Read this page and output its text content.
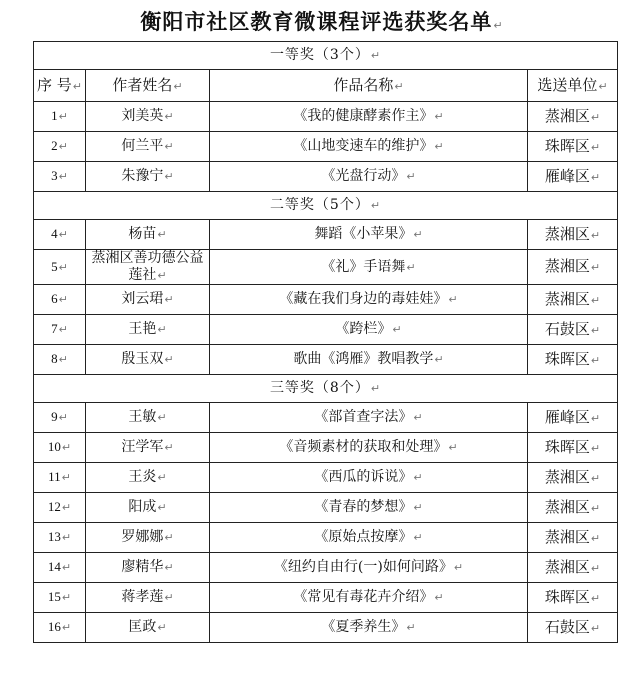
衡阳市社区教育微课程评选获奖名单↵
一等奖（3个）↵			
序 号↵	作者姓名↵	作品名称↵	选送单位↵
1↵	刘美英↵	《我的健康酵素作主》↵	蒸湘区↵
2↵	何兰平↵	《山地变速车的维护》↵	珠晖区↵
3↵	朱豫宁↵	《光盘行动》↵	雁峰区↵
二等奖（5个）↵			
4↵	杨苗↵	舞蹈《小苹果》↵	蒸湘区↵
5↵	蒸湘区善功德公益莲社↵	《礼》手语舞↵	蒸湘区↵
6↵	刘云珺↵	《藏在我们身边的毒娃娃》↵	蒸湘区↵
7↵	王艳↵	《跨栏》↵	石鼓区↵
8↵	殷玉双↵	歌曲《鸿雁》教唱教学↵	珠晖区↵
三等奖（8个）↵			
9↵	王敏↵	《部首查字法》↵	雁峰区↵
10↵	汪学军↵	《音频素材的获取和处理》↵	珠晖区↵
11↵	王炎↵	《西瓜的诉说》↵	蒸湘区↵
12↵	阳成↵	《青春的梦想》↵	蒸湘区↵
13↵	罗娜娜↵	《原始点按摩》↵	蒸湘区↵
14↵	廖精华↵	《纽约自由行(一)如何问路》↵	蒸湘区↵
15↵	蒋孝莲↵	《常见有毒花卉介绍》↵	珠晖区↵
16↵	匡政↵	《夏季养生》↵	石鼓区↵
